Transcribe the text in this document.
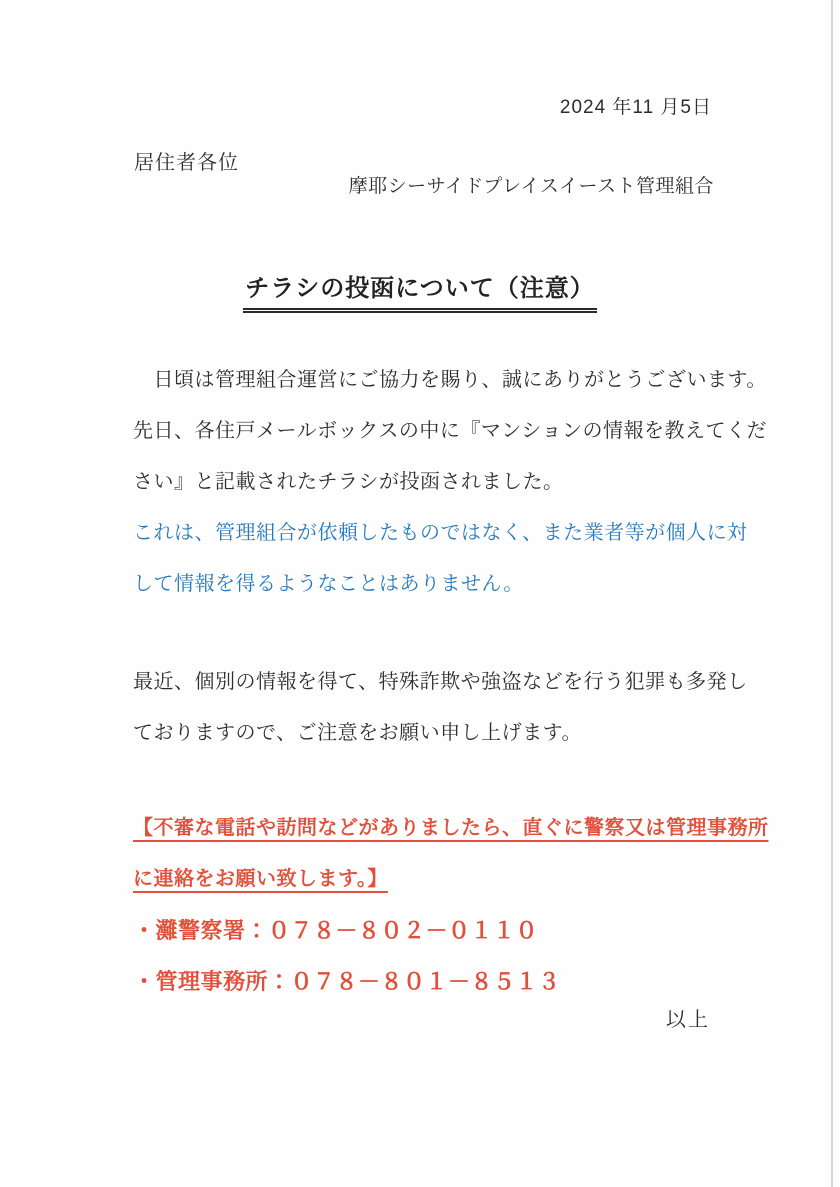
2024 年11 月5日
居住者各位
摩耶シーサイドプレイスイースト管理組合
チラシの投函について（注意）
　日頃は管理組合運営にご協力を賜り、誠にありがとうございます。
先日、各住戸メールボックスの中に『マンションの情報を教えてくだ
さい』と記載されたチラシが投函されました。
これは、管理組合が依頼したものではなく、また業者等が個人に対
して情報を得るようなことはありません。
最近、個別の情報を得て、特殊詐欺や強盗などを行う犯罪も多発し
ておりますので、ご注意をお願い申し上げます。
【不審な電話や訪問などがありましたら、直ぐに警察又は管理事務所
に連絡をお願い致します。】
・灘警察署：０７８－８０２－０１１０
・管理事務所：０７８－８０１－８５１３
以上
